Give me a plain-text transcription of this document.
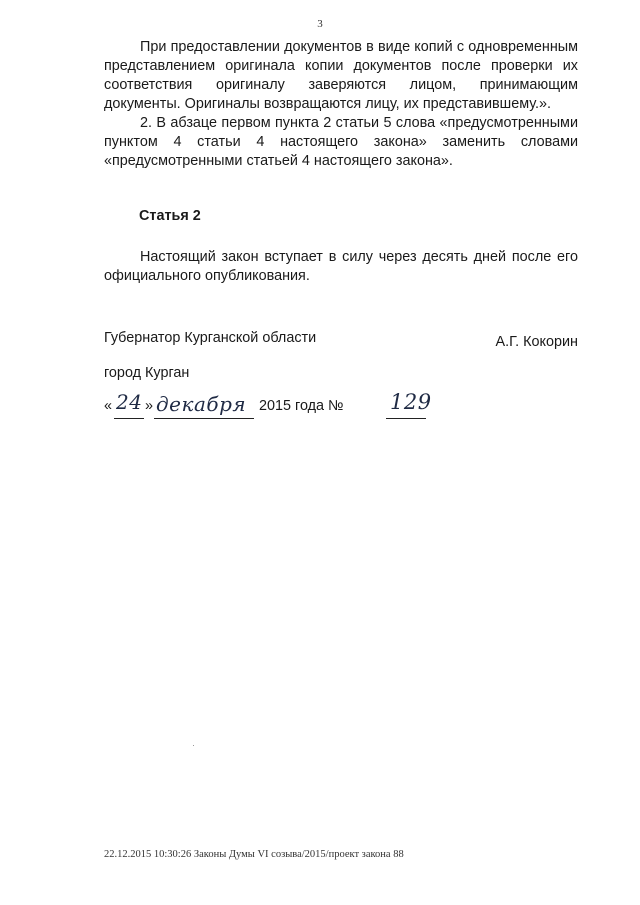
3

При предоставлении документов в виде копий с одновременным представлением оригинала копии документов после проверки их соответствия оригиналу заверяются лицом, принимающим документы. Оригиналы возвращаются лицу, их представившему.».

2. В абзаце первом пункта 2 статьи 5 слова «предусмотренными пунктом 4 статьи 4 настоящего закона» заменить словами «предусмотренными статьей 4 настоящего закона».

Статья 2

Настоящий закон вступает в силу через десять дней после его официального опубликования.

Губернатор Курганской области	А.Г. Кокорин
город Курган
« 24 » декабря 2015 года № 129
22.12.2015 10:30:26 Законы Думы VI созыва/2015/проект закона 88
